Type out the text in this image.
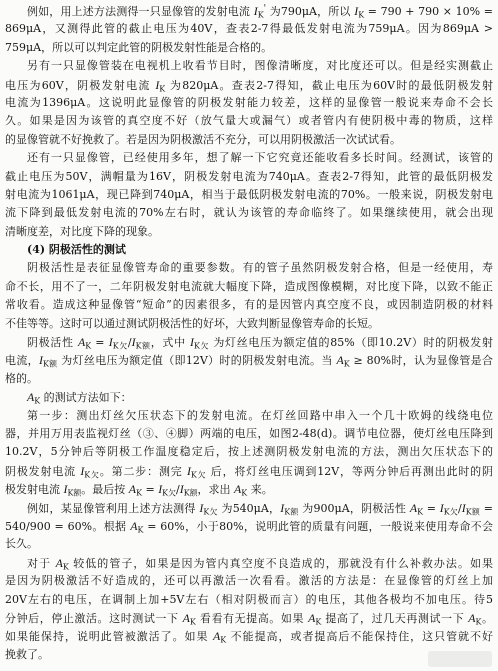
例如，用上述方法测得一只显像管的发射电流 $I_K'$ 为790μA，所以 $I_K = 790 + 790 \times 10\%$ =
869μA，又测得此管的截止电压为40V，查表2-7得最低发射电流为759μA。因为869μA >
759μA，所以可以判定此管的阴极发射性能是合格的。
另有一只显像管装在电视机上收看节目时，图像清晰度，对比度还可以。但是经实测截止
电压为60V，阴极发射电流 $I_K$ 为820μA。查表2-7得知，截止电压为60V时的最低阴极发射
电流为1396μA。这说明此显像管的阴极发射能力较差，这样的显像管一般说来寿命不会长
久。如果是因为该管的真空度不好（放气量大或漏气）或者管内有使阴极中毒的物质，这样
的显像管就不好挽救了。若是因为阴极激活不充分，可以用阴极激活一次试试看。
还有一只显像管，已经使用多年，想了解一下它究竟还能收看多长时间。经测试，该管的
截止电压为50V，满帽量为16V，阴极发射电流为740μA。查表2-7得知，此管的最低阴极发
射电流为1061μA，现已降到740μA，相当于最低阴极发射电流的70%。一般来说，阴极发射电
流下降到最低发射电流的70%左右时，就认为该管的寿命临终了。如果继续使用，就会出现
清晰度差，对比度下降的现象。
(4) 阴极活性的测试
阴极活性是表征显像管寿命的重要参数。有的管子虽然阴极发射合格，但是一经使用，寿
命不长，用不了一，二年阴极发射电流就大幅度下降，造成图像模糊，对比度下降，以致不能正
常收看。造成这种显像管“短命”的因素很多，有的是因管内真空度不良，或因制造阴极的材料
不佳等等。这时可以通过测试阴极活性的好坏，大致判断显像管寿命的长短。
阴极活性 $A_K = I_{K欠}/I_{K额}$，式中 $I_{K欠}$ 为灯丝电压为额定值的85%（即10.2V）时的阴极发射
电流，$I_{K额}$ 为灯丝电压为额定值（即12V）时的阴极发射电流。当 $A_K \ge 80\%$时，认为显像管是合
格的。
$A_K$ 的测试方法如下：
第一步：测出灯丝欠压状态下的发射电流。在灯丝回路中串入一个几十欧姆的线绕电位
器，并用万用表监视灯丝（③、④脚）两端的电压，如图2-48(d)。调节电位器，使灯丝电压降到
10.2V，5分钟后等阴极工作温度稳定后，按上述测阴极发射电流的方法，测出欠压状态下的
阴极发射电流 $I_{K欠}$。第二步：测完 $I_{K欠}$ 后，将灯丝电压调到12V，等两分钟后再测出此时的阴
极发射电流 $I_{K额}$。最后按 $A_K = I_{K欠}/I_{K额}$，求出 $A_K$ 来。
例如，某显像管利用上述方法测得 $I_{K欠}$ 为540μA，$I_{K额}$ 为900μA，阴极活性 $A_K = I_{K欠}/I_{K额}$ =
540/900 = 60%。根据 $A_K = 60\%$，小于80%，说明此管的质量有问题，一般说来使用寿命不会
长久。
对于 $A_K$ 较低的管子，如果是因为管内真空度不良造成的，那就没有什么补救办法。如果
是因为阴极激活不好造成的，还可以再激活一次看看。激活的方法是：在显像管的灯丝上加
20V左右的电压，在调制上加+5V左右（相对阴极而言）的电压，其他各极均不加电压。待5
分钟后，停止激活。这时测试一下 $A_K$ 看看有无提高。如果 $A_K$ 提高了，过几天再测试一下 $A_K$。
如果能保持，说明此管被激活了。如果 $A_K$ 不能提高，或者提高后不能保持住，这只管就不好
挽救了。
